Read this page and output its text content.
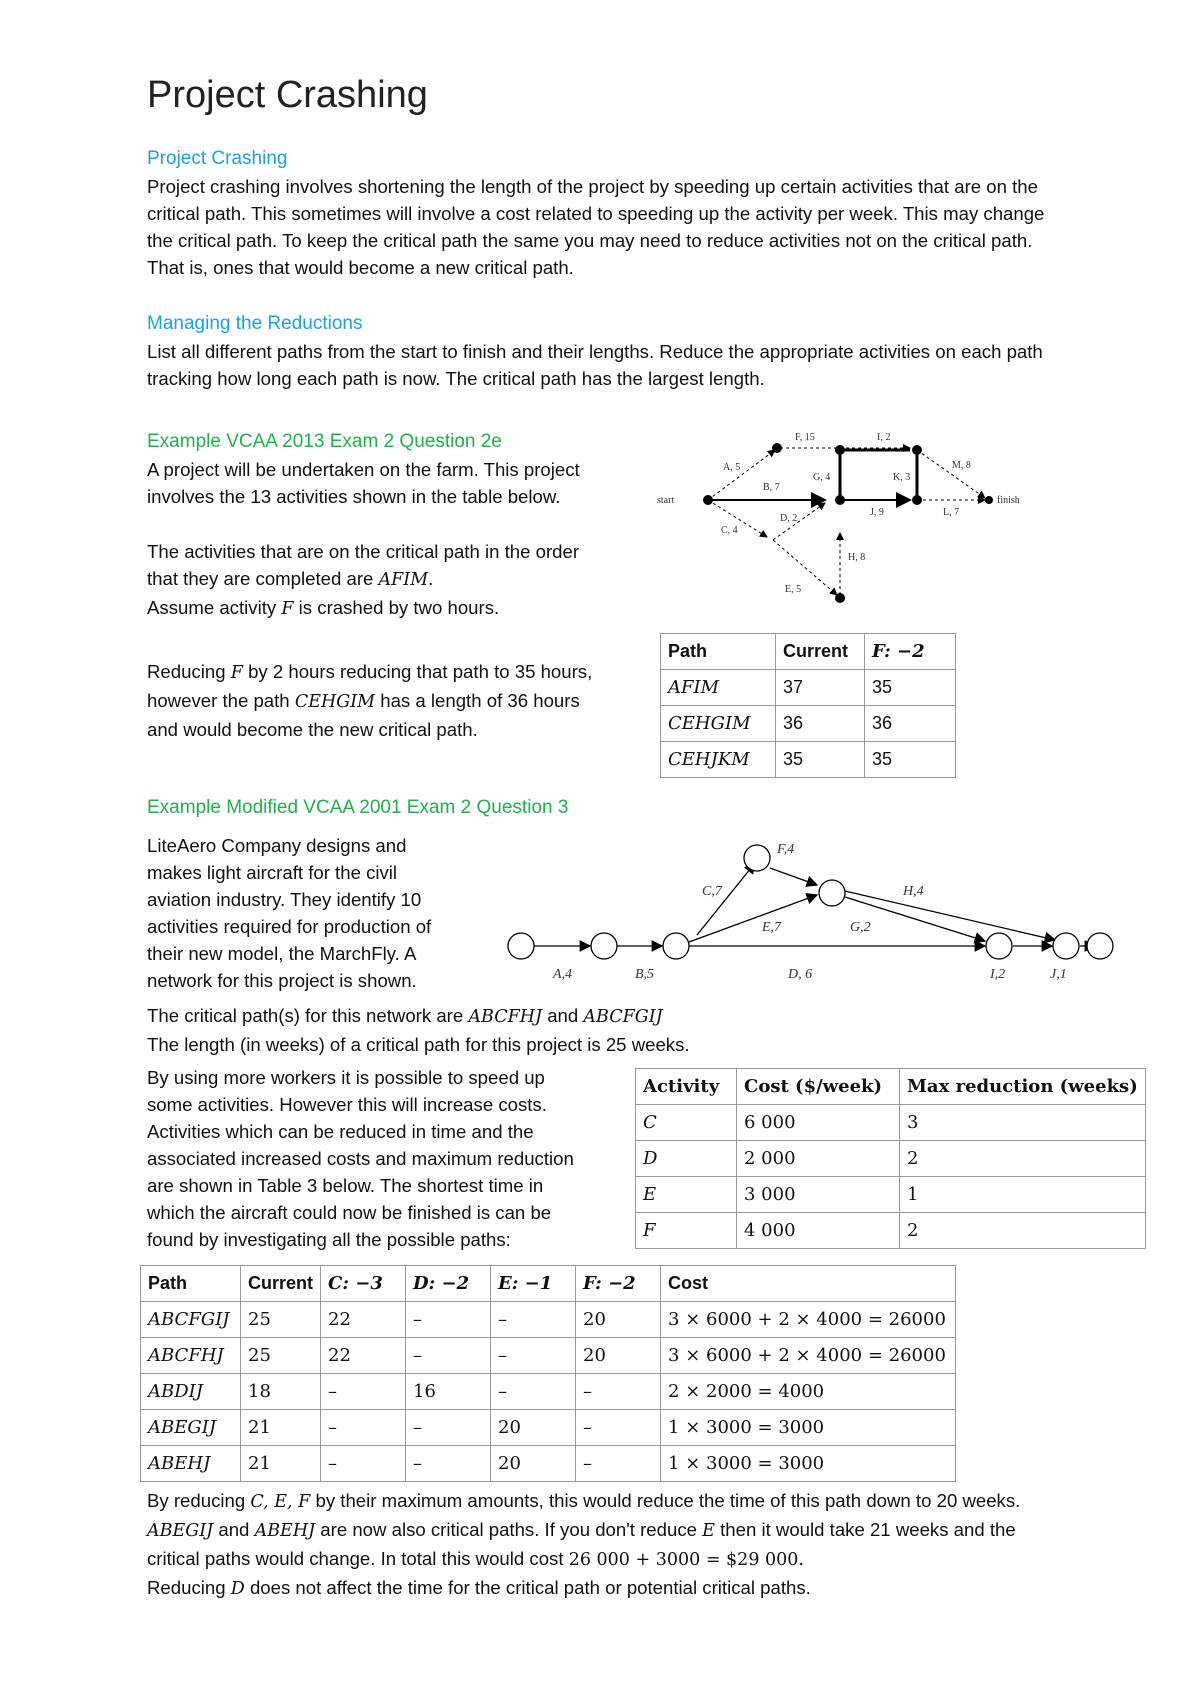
Project Crashing
Project Crashing

Project crashing involves shortening the length of the project by speeding up certain activities that are on the

critical path. This sometimes will involve a cost related to speeding up the activity per week. This may change

the critical path. To keep the critical path the same you may need to reduce activities not on the critical path.

That is, ones that would become a new critical path.

Managing the Reductions

List all different paths from the start to finish and their lengths. Reduce the appropriate activities on each path

tracking how long each path is now. The critical path has the largest length.

Example VCAA 2013 Exam 2 Question 2e

A project will be undertaken on the farm. This project

involves the 13 activities shown in the table below.

The activities that are on the critical path in the order

that they are completed are AFIM.

Assume activity F is crashed by two hours.

Reducing F by 2 hours reducing that path to 35 hours,

however the path CEHGIM has a length of 36 hours

and would become the new critical path.

start	finish
A, 5
B, 7
C, 4
D, 2
E, 5
F, 15
G, 4
H, 8
I, 2
J, 9
K, 3
L, 7
M, 8
Path	Current	F: −2
AFIM	37	35
CEHGIM	36	36
CEHJKM	35	35
Example Modified VCAA 2001 Exam 2 Question 3

LiteAero Company designs and

makes light aircraft for the civil

aviation industry. They identify 10

activities required for production of

their new model, the MarchFly. A

network for this project is shown.	A,4	B,5
C,7
D, 6
E,7
F,4
G,2
H,4
I,2	J,1

The critical path(s) for this network are ABCFHJ and ABCFGIJ

The length (in weeks) of a critical path for this project is 25 weeks.

By using more workers it is possible to speed up

some activities. However this will increase costs.

Activities which can be reduced in time and the

associated increased costs and maximum reduction

are shown in Table 3 below. The shortest time in

which the aircraft could now be finished is can be

found by investigating all the possible paths:

Activity	Cost ($/week)	Max reduction (weeks)
C	6 000	3
D	2 000	2
E	3 000	1
F	4 000	2
Path	Current	C: −3	D: −2	E: −1	F: −2	Cost
ABCFGIJ	25	22	–	–	20	3 × 6000 + 2 × 4000 = 26000
ABCFHJ	25	22	–	–	20	3 × 6000 + 2 × 4000 = 26000
ABDIJ	18	–	16	–	–	2 × 2000 = 4000
ABEGIJ	21	–	–	20	–	1 × 3000 = 3000
ABEHJ	21	–	–	20	–	1 × 3000 = 3000

By reducing C, E, F by their maximum amounts, this would reduce the time of this path down to 20 weeks.

ABEGIJ and ABEHJ are now also critical paths. If you don't reduce E then it would take 21 weeks and the

critical paths would change. In total this would cost 26 000 + 3000 = $29 000.

Reducing D does not affect the time for the critical path or potential critical paths.
